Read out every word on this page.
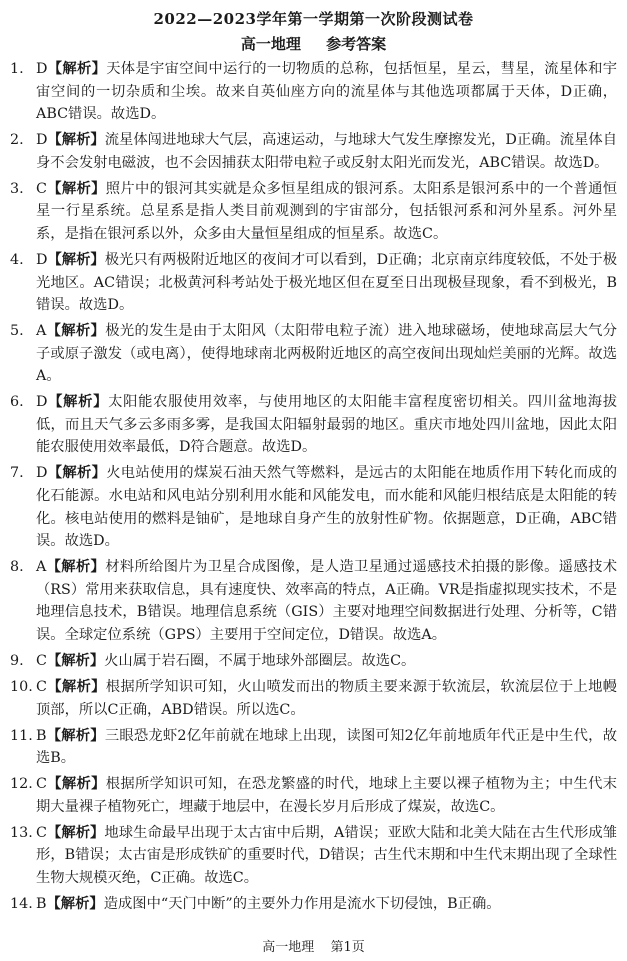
2022—2023学年第一学期第一次阶段测试卷
高一地理 参考答案
1. D【解析】天体是宇宙空间中运行的一切物质的总称，包括恒星，星云，彗星，流星体和宇宙空间的一切杂质和尘埃。故来自英仙座方向的流星体与其他选项都属于天体，D正确，ABC错误。故选D。
2. D【解析】流星体闯进地球大气层，高速运动，与地球大气发生摩擦发光，D正确。流星体自身不会发射电磁波，也不会因捕获太阳带电粒子或反射太阳光而发光，ABC错误。故选D。
3. C【解析】照片中的银河其实就是众多恒星组成的银河系。太阳系是银河系中的一个普通恒星一行星系统。总星系是指人类目前观测到的宇宙部分，包括银河系和河外星系。河外星系，是指在银河系以外，众多由大量恒星组成的恒星系。故选C。
4. D【解析】极光只有两极附近地区的夜间才可以看到，D正确；北京南京纬度较低，不处于极光地区。AC错误；北极黄河科考站处于极光地区但在夏至日出现极昼现象，看不到极光，B错误。故选D。
5. A【解析】极光的发生是由于太阳风（太阳带电粒子流）进入地球磁场，使地球高层大气分子或原子激发（或电离），使得地球南北两极附近地区的高空夜间出现灿烂美丽的光辉。故选A。
6. D【解析】太阳能农服使用效率，与使用地区的太阳能丰富程度密切相关。四川盆地海拔低，而且天气多云多雨多雾，是我国太阳辐射最弱的地区。重庆市地处四川盆地，因此太阳能农服使用效率最低，D符合题意。故选D。
7. D【解析】火电站使用的煤炭石油天然气等燃料，是远古的太阳能在地质作用下转化而成的化石能源。水电站和风电站分别利用水能和风能发电，而水能和风能归根结底是太阳能的转化。核电站使用的燃料是铀矿，是地球自身产生的放射性矿物。依据题意，D正确，ABC错误。故选D。
8. A【解析】材料所给图片为卫星合成图像，是人造卫星通过遥感技术拍摄的影像。遥感技术（RS）常用来获取信息，具有速度快、效率高的特点，A正确。VR是指虚拟现实技术，不是地理信息技术，B错误。地理信息系统（GIS）主要对地理空间数据进行处理、分析等，C错误。全球定位系统（GPS）主要用于空间定位，D错误。故选A。
9. C【解析】火山属于岩石圈，不属于地球外部圈层。故选C。
10. C【解析】根据所学知识可知，火山喷发而出的物质主要来源于软流层，软流层位于上地幔顶部，所以C正确，ABD错误。所以选C。
11. B【解析】三眼恐龙虾2亿年前就在地球上出现，读图可知2亿年前地质年代正是中生代，故选B。
12. C【解析】根据所学知识可知，在恐龙繁盛的时代，地球上主要以裸子植物为主；中生代末期大量裸子植物死亡，埋藏于地层中，在漫长岁月后形成了煤炭，故选C。
13. C【解析】地球生命最早出现于太古宙中后期，A错误；亚欧大陆和北美大陆在古生代形成雏形，B错误；太古宙是形成铁矿的重要时代，D错误；古生代末期和中生代末期出现了全球性生物大规模灭绝，C正确。故选C。
14. B【解析】造成图中“天门中断”的主要外力作用是流水下切侵蚀，B正确。
高一地理 第1页
